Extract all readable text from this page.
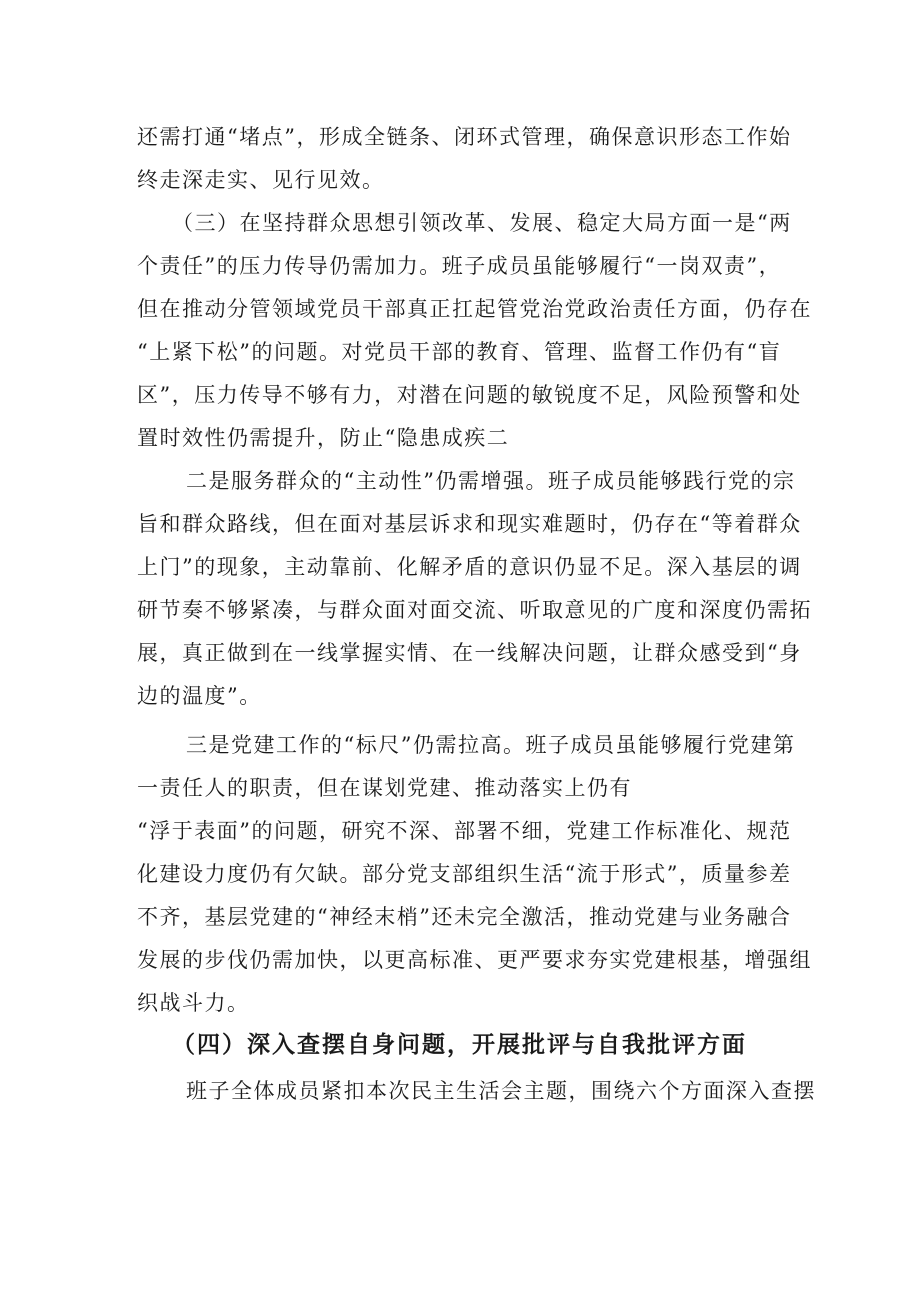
还需打通“堵点”，形成全链条、闭环式管理，确保意识形态工作始
终走深走实、见行见效。
（三）在坚持群众思想引领改革、发展、稳定大局方面一是“两
个责任”的压力传导仍需加力。班子成员虽能够履行“一岗双责”，
但在推动分管领域党员干部真正扛起管党治党政治责任方面，仍存在
“上紧下松”的问题。对党员干部的教育、管理、监督工作仍有“盲
区”，压力传导不够有力，对潜在问题的敏锐度不足，风险预警和处
置时效性仍需提升，防止“隐患成疾二
二是服务群众的“主动性”仍需增强。班子成员能够践行党的宗
旨和群众路线，但在面对基层诉求和现实难题时，仍存在“等着群众
上门”的现象，主动靠前、化解矛盾的意识仍显不足。深入基层的调
研节奏不够紧凑，与群众面对面交流、听取意见的广度和深度仍需拓
展，真正做到在一线掌握实情、在一线解决问题，让群众感受到“身
边的温度”。
三是党建工作的“标尺”仍需拉高。班子成员虽能够履行党建第
一责任人的职责，但在谋划党建、推动落实上仍有
“浮于表面”的问题，研究不深、部署不细，党建工作标准化、规范
化建设力度仍有欠缺。部分党支部组织生活“流于形式”，质量参差
不齐，基层党建的“神经末梢”还未完全激活，推动党建与业务融合
发展的步伐仍需加快，以更高标准、更严要求夯实党建根基，增强组
织战斗力。
（四）深入查摆自身问题，开展批评与自我批评方面
班子全体成员紧扣本次民主生活会主题，围绕六个方面深入查摆
